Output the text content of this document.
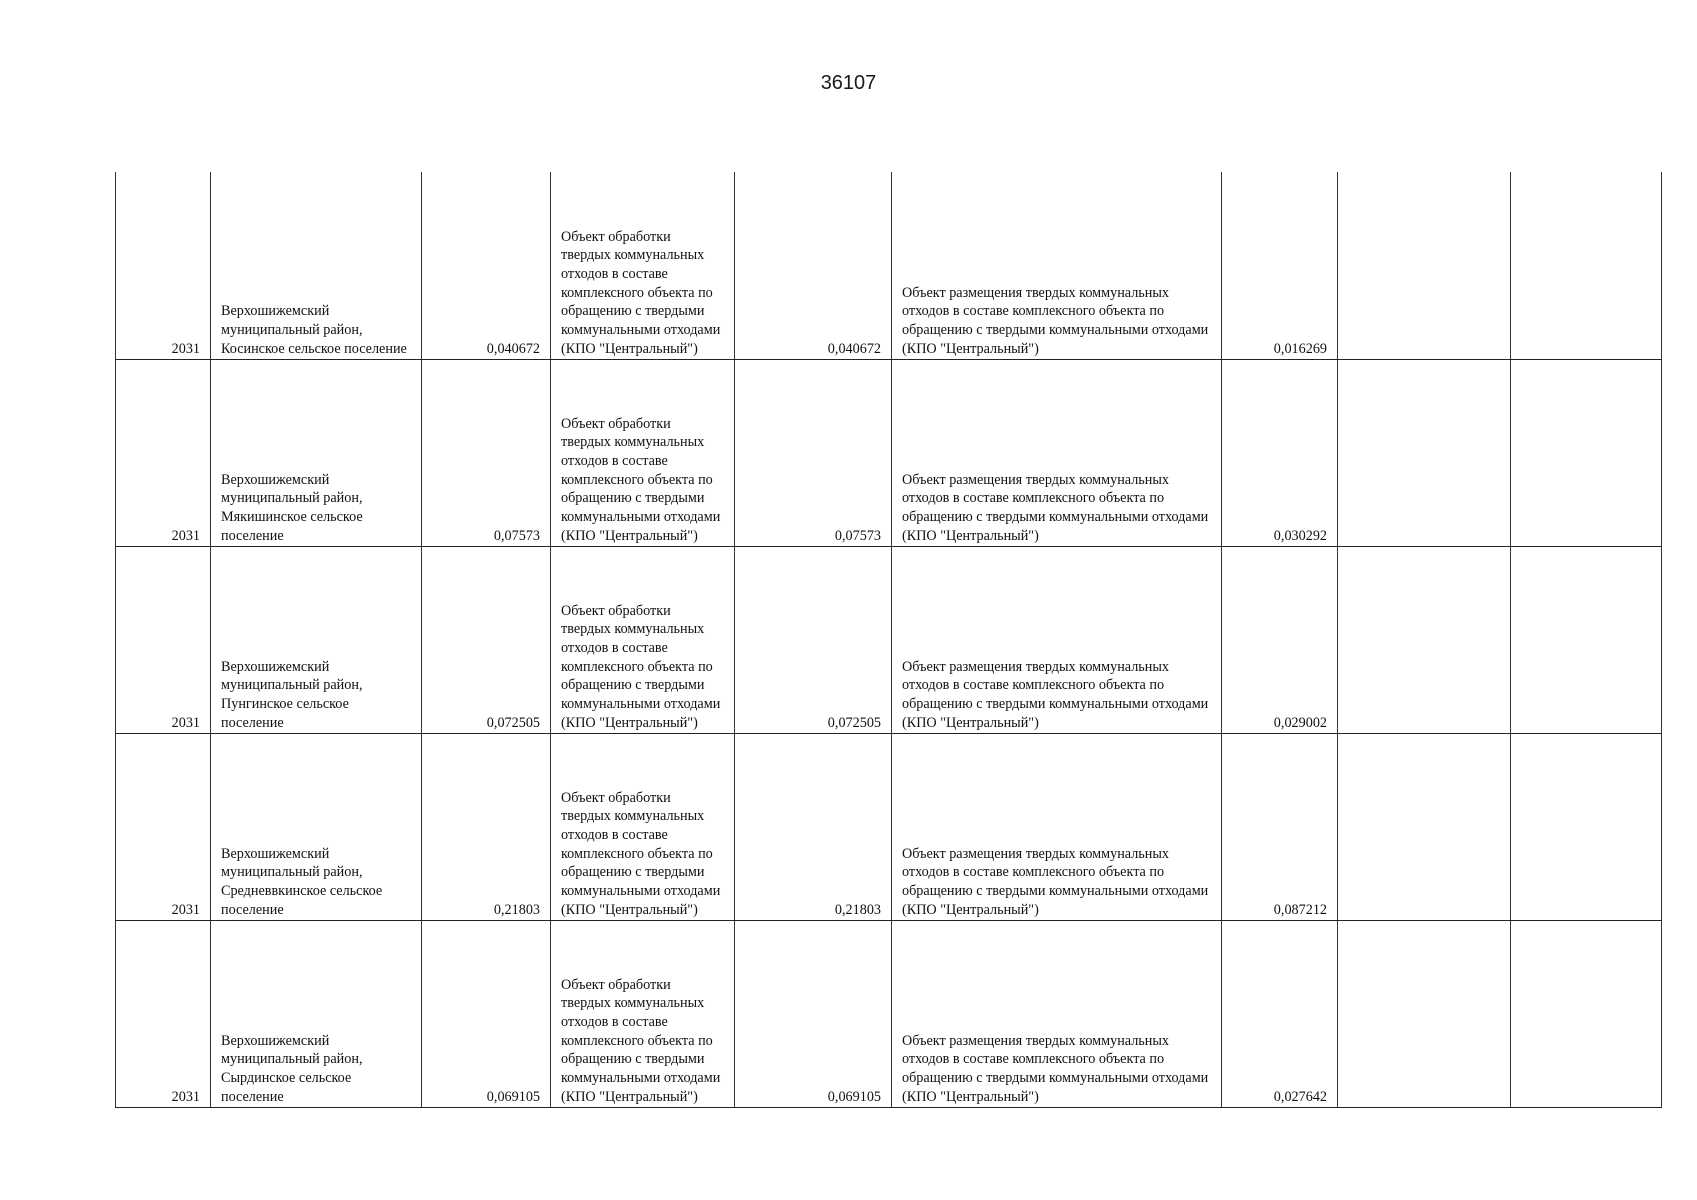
36107
2031	Верхошижемский муниципальный район, Косинское сельское поселение	0,040672	Объект обработки твердых коммунальных отходов в составе комплексного объекта по обращению с твердыми коммунальными отходами (КПО "Центральный")	0,040672	Объект размещения твердых коммунальных отходов в составе комплексного объекта по обращению с твердыми коммунальными отходами (КПО "Центральный")	0,016269		
2031	Верхошижемский муниципальный район, Мякишинское сельское поселение	0,07573	Объект обработки твердых коммунальных отходов в составе комплексного объекта по обращению с твердыми коммунальными отходами (КПО "Центральный")	0,07573	Объект размещения твердых коммунальных отходов в составе комплексного объекта по обращению с твердыми коммунальными отходами (КПО "Центральный")	0,030292		
2031	Верхошижемский муниципальный район, Пунгинское сельское поселение	0,072505	Объект обработки твердых коммунальных отходов в составе комплексного объекта по обращению с твердыми коммунальными отходами (КПО "Центральный")	0,072505	Объект размещения твердых коммунальных отходов в составе комплексного объекта по обращению с твердыми коммунальными отходами (КПО "Центральный")	0,029002		
2031	Верхошижемский муниципальный район, Средневвкинское сельское поселение	0,21803	Объект обработки твердых коммунальных отходов в составе комплексного объекта по обращению с твердыми коммунальными отходами (КПО "Центральный")	0,21803	Объект размещения твердых коммунальных отходов в составе комплексного объекта по обращению с твердыми коммунальными отходами (КПО "Центральный")	0,087212		
2031	Верхошижемский муниципальный район, Сырдинское сельское поселение	0,069105	Объект обработки твердых коммунальных отходов в составе комплексного объекта по обращению с твердыми коммунальными отходами (КПО "Центральный")	0,069105	Объект размещения твердых коммунальных отходов в составе комплексного объекта по обращению с твердыми коммунальными отходами (КПО "Центральный")	0,027642		
